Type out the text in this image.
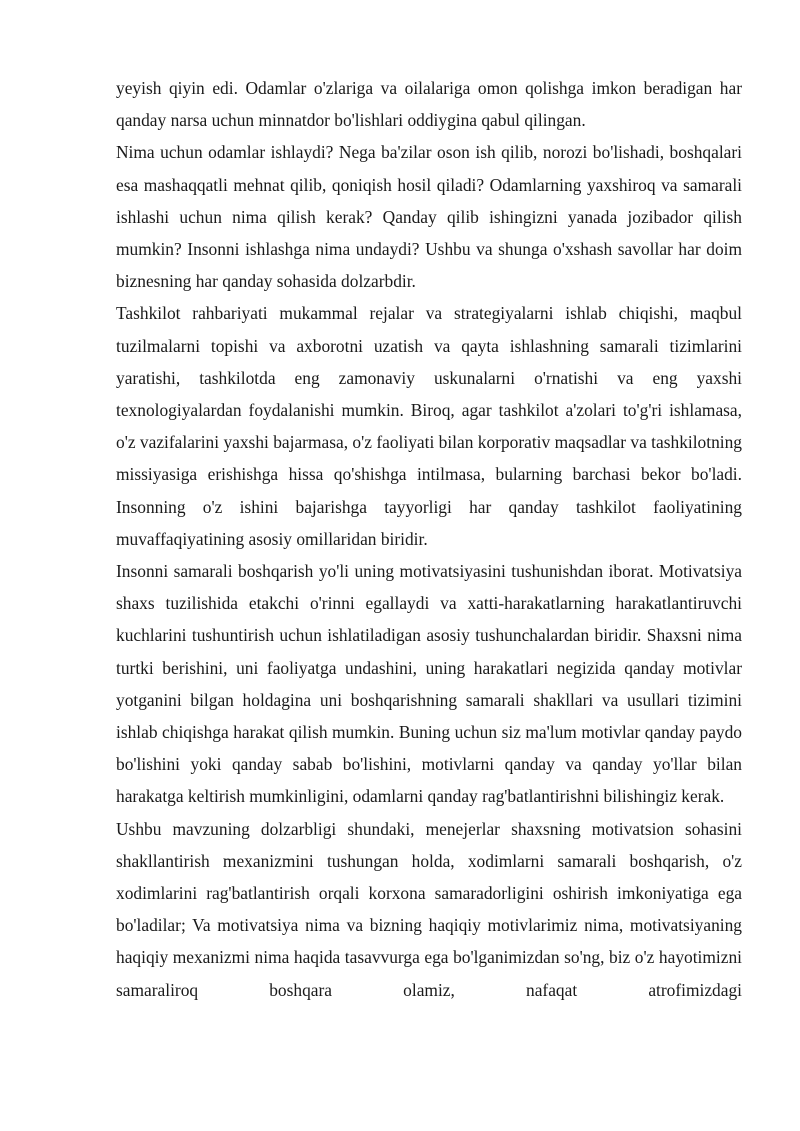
yeyish qiyin edi. Odamlar o'zlariga va oilalariga omon qolishga imkon beradigan har qanday narsa uchun minnatdor bo'lishlari oddiygina qabul qilingan.

Nima uchun odamlar ishlaydi? Nega ba'zilar oson ish qilib, norozi bo'lishadi, boshqalari esa mashaqqatli mehnat qilib, qoniqish hosil qiladi? Odamlarning yaxshiroq va samarali ishlashi uchun nima qilish kerak? Qanday qilib ishingizni yanada jozibador qilish mumkin? Insonni ishlashga nima undaydi? Ushbu va shunga o'xshash savollar har doim biznesning har qanday sohasida dolzarbdir.

Tashkilot rahbariyati mukammal rejalar va strategiyalarni ishlab chiqishi, maqbul tuzilmalarni topishi va axborotni uzatish va qayta ishlashning samarali tizimlarini yaratishi, tashkilotda eng zamonaviy uskunalarni o'rnatishi va eng yaxshi texnologiyalardan foydalanishi mumkin. Biroq, agar tashkilot a'zolari to'g'ri ishlamasa, o'z vazifalarini yaxshi bajarmasa, o'z faoliyati bilan korporativ maqsadlar va tashkilotning missiyasiga erishishga hissa qo'shishga intilmasa, bularning barchasi bekor bo'ladi. Insonning o'z ishini bajarishga tayyorligi har qanday tashkilot faoliyatining muvaffaqiyatining asosiy omillaridan biridir.

Insonni samarali boshqarish yo'li uning motivatsiyasini tushunishdan iborat. Motivatsiya shaxs tuzilishida etakchi o'rinni egallaydi va xatti-harakatlarning harakatlantiruvchi kuchlarini tushuntirish uchun ishlatiladigan asosiy tushunchalardan biridir. Shaxsni nima turtki berishini, uni faoliyatga undashini, uning harakatlari negizida qanday motivlar yotganini bilgan holdagina uni boshqarishning samarali shakllari va usullari tizimini ishlab chiqishga harakat qilish mumkin. Buning uchun siz ma'lum motivlar qanday paydo bo'lishini yoki qanday sabab bo'lishini, motivlarni qanday va qanday yo'llar bilan harakatga keltirish mumkinligini, odamlarni qanday rag'batlantirishni bilishingiz kerak.

Ushbu mavzuning dolzarbligi shundaki, menejerlar shaxsning motivatsion sohasini shakllantirish mexanizmini tushungan holda, xodimlarni samarali boshqarish, o'z xodimlarini rag'batlantirish orqali korxona samaradorligini oshirish imkoniyatiga ega bo'ladilar; Va motivatsiya nima va bizning haqiqiy motivlarimiz nima, motivatsiyaning haqiqiy mexanizmi nima haqida tasavvurga ega bo'lganimizdan so'ng, biz o'z hayotimizni samaraliroq boshqara olamiz, nafaqat atrofimizdagi
